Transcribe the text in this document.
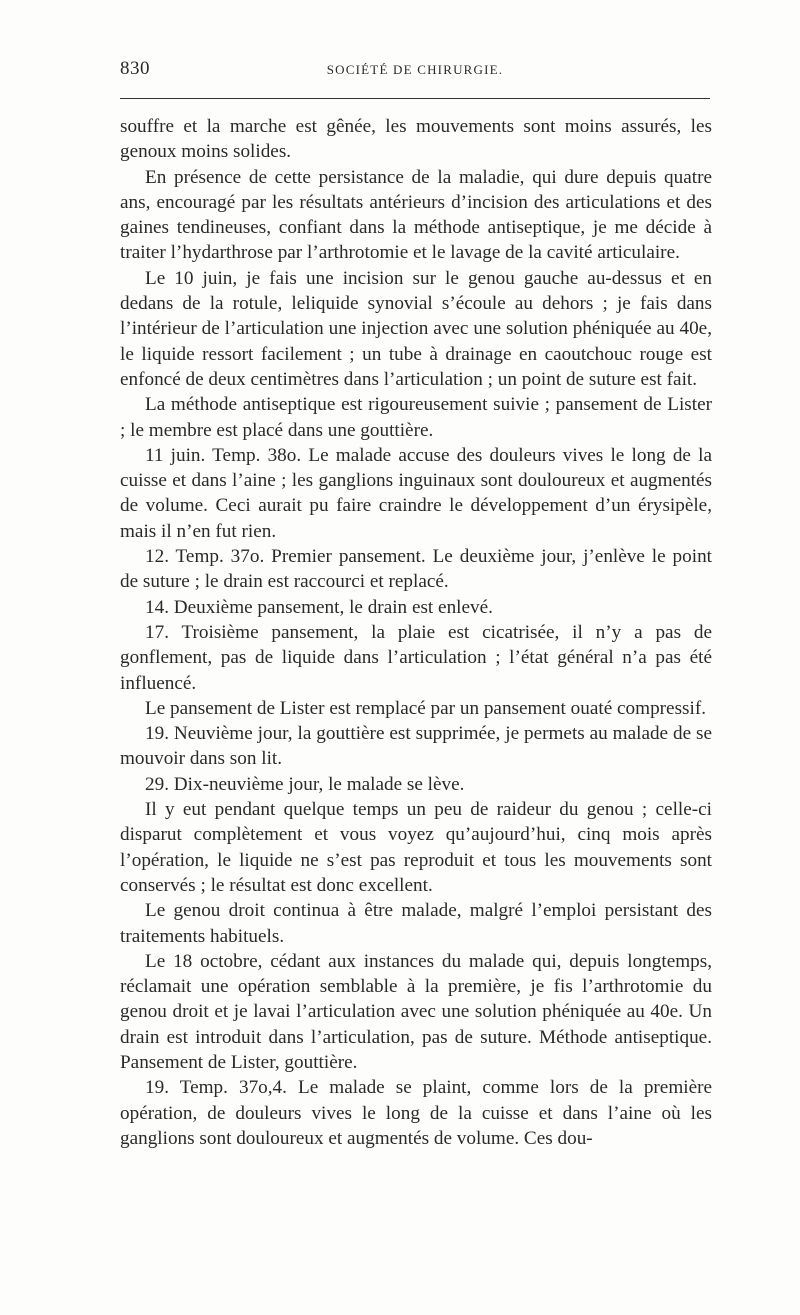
830	SOCIÉTÉ DE CHIRURGIE.

souffre et la marche est gênée, les mouvements sont moins assurés, les genoux moins solides.

En présence de cette persistance de la maladie, qui dure depuis quatre ans, encouragé par les résultats antérieurs d’incision des articulations et des gaines tendineuses, confiant dans la méthode antiseptique, je me décide à traiter l’hydarthrose par l’arthrotomie et le lavage de la cavité articulaire.

Le 10 juin, je fais une incision sur le genou gauche au-dessus et en dedans de la rotule, leliquide synovial s’écoule au dehors ; je fais dans l’intérieur de l’articulation une injection avec une solution phéniquée au 40e, le liquide ressort facilement ; un tube à drainage en caoutchouc rouge est enfoncé de deux centimètres dans l’articulation ; un point de suture est fait.

La méthode antiseptique est rigoureusement suivie ; pansement de Lister ; le membre est placé dans une gouttière.

11 juin. Temp. 38o. Le malade accuse des douleurs vives le long de la cuisse et dans l’aine ; les ganglions inguinaux sont douloureux et augmentés de volume. Ceci aurait pu faire craindre le développement d’un érysipèle, mais il n’en fut rien.

12. Temp. 37o. Premier pansement. Le deuxième jour, j’enlève le point de suture ; le drain est raccourci et replacé.

14. Deuxième pansement, le drain est enlevé.

17. Troisième pansement, la plaie est cicatrisée, il n’y a pas de gonflement, pas de liquide dans l’articulation ; l’état général n’a pas été influencé.

Le pansement de Lister est remplacé par un pansement ouaté compressif.

19. Neuvième jour, la gouttière est supprimée, je permets au malade de se mouvoir dans son lit.

29. Dix-neuvième jour, le malade se lève.

Il y eut pendant quelque temps un peu de raideur du genou ; celle-ci disparut complètement et vous voyez qu’aujourd’hui, cinq mois après l’opération, le liquide ne s’est pas reproduit et tous les mouvements sont conservés ; le résultat est donc excellent.

Le genou droit continua à être malade, malgré l’emploi persistant des traitements habituels.

Le 18 octobre, cédant aux instances du malade qui, depuis longtemps, réclamait une opération semblable à la première, je fis l’arthrotomie du genou droit et je lavai l’articulation avec une solution phéniquée au 40e. Un drain est introduit dans l’articulation, pas de suture. Méthode antiseptique. Pansement de Lister, gouttière.

19. Temp. 37o,4. Le malade se plaint, comme lors de la première opération, de douleurs vives le long de la cuisse et dans l’aine où les ganglions sont douloureux et augmentés de volume. Ces dou-
